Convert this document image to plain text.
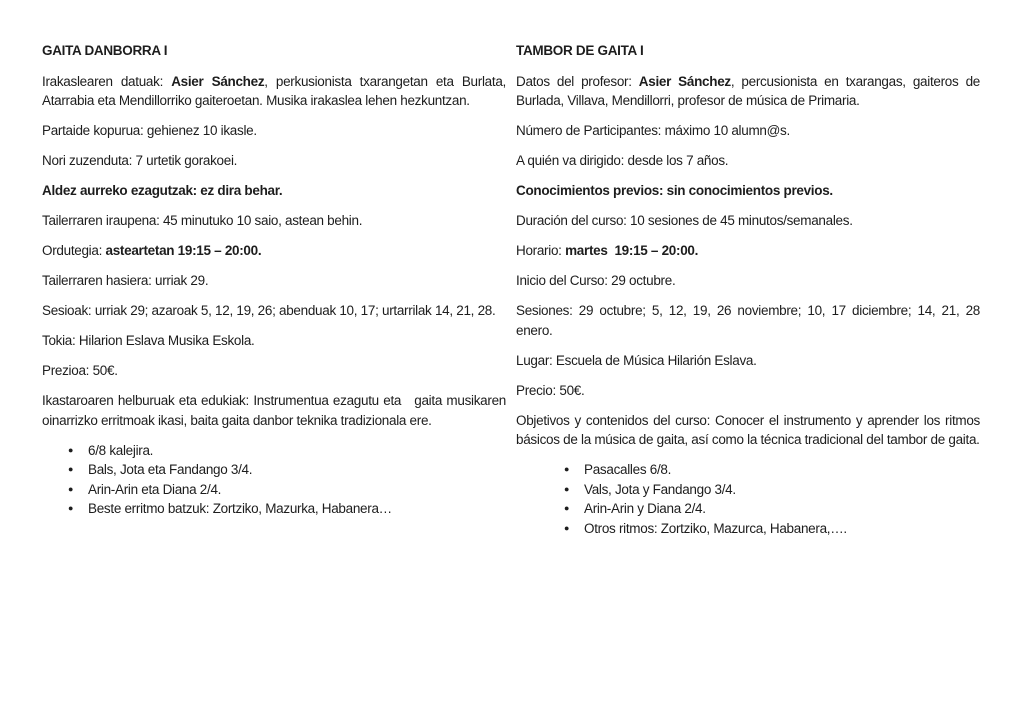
GAITA DANBORRA I

Irakaslearen datuak: Asier Sánchez, perkusionista txarangetan eta Burlata, Atarrabia eta Mendillorriko gaiteroetan. Musika irakaslea lehen hezkuntzan.

Partaide kopurua: gehienez 10 ikasle.

Nori zuzenduta: 7 urtetik gorakoei.

Aldez aurreko ezagutzak: ez dira behar.

Tailerraren iraupena: 45 minutuko 10 saio, astean behin.

Ordutegia: asteartetan 19:15 – 20:00.

Tailerraren hasiera: urriak 29.

Sesioak: urriak 29; azaroak 5, 12, 19, 26; abenduak 10, 17; urtarrilak 14, 21, 28.

Tokia: Hilarion Eslava Musika Eskola.

Prezioa: 50€.

Ikastaroaren helburuak eta edukiak: Instrumentua ezagutu eta   gaita musikaren oinarrizko erritmoak ikasi, baita gaita danbor teknika tradizionala ere.

●	6/8 kalejira.
●	Bals, Jota eta Fandango 3/4.
●	Arin-Arin eta Diana 2/4.
●	Beste erritmo batzuk: Zortziko, Mazurka, Habanera…
TAMBOR DE GAITA I

Datos del profesor: Asier Sánchez, percusionista en txarangas, gaiteros de Burlada, Villava, Mendillorri, profesor de música de Primaria.

Número de Participantes: máximo 10 alumn@s.

A quién va dirigido: desde los 7 años.

Conocimientos previos: sin conocimientos previos.

Duración del curso: 10 sesiones de 45 minutos/semanales.

Horario: martes  19:15 – 20:00.

Inicio del Curso: 29 octubre.

Sesiones: 29 octubre; 5, 12, 19, 26 noviembre; 10, 17 diciembre; 14, 21, 28 enero.

Lugar: Escuela de Música Hilarión Eslava.

Precio: 50€.

Objetivos y contenidos del curso: Conocer el instrumento y aprender los ritmos básicos de la música de gaita, así como la técnica tradicional del tambor de gaita.

●	Pasacalles 6/8.
●	Vals, Jota y Fandango 3/4.
●	Arin-Arin y Diana 2/4.
●	Otros ritmos: Zortziko, Mazurca, Habanera,….
